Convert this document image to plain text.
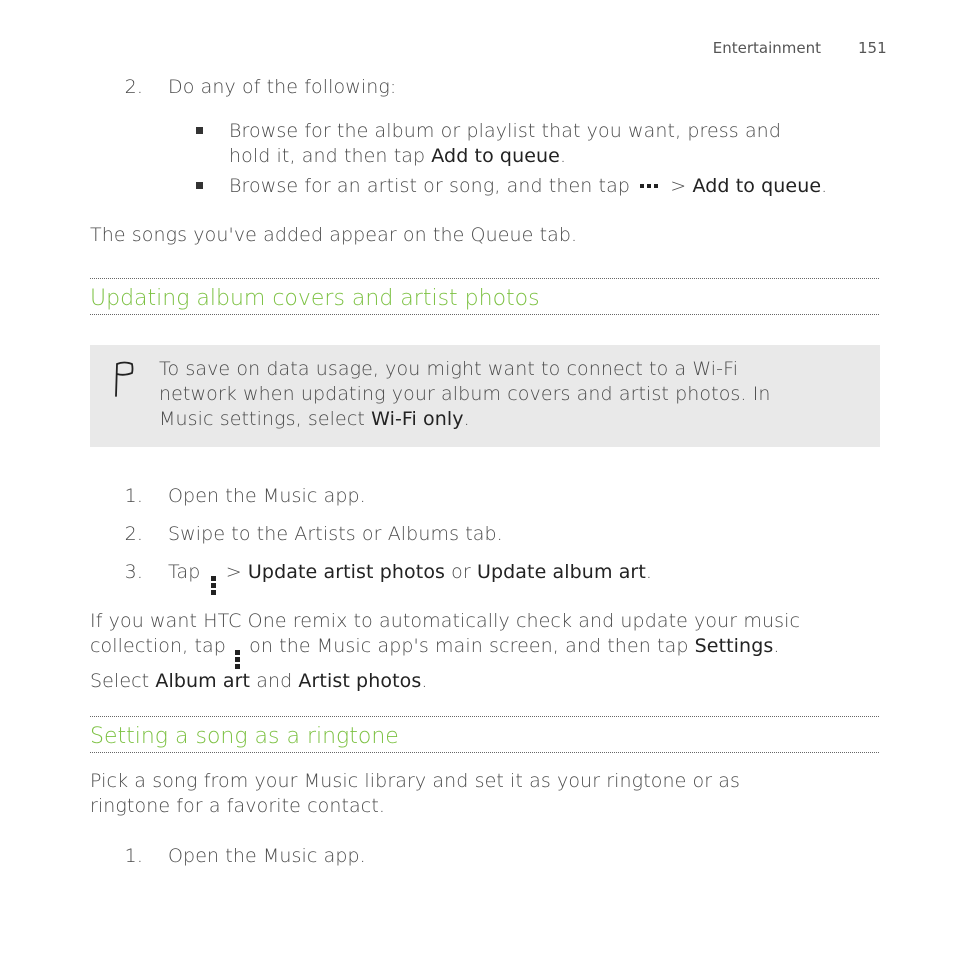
Entertainment 151
2. Do any of the following:
Browse for the album or playlist that you want, press and
hold it, and then tap Add to queue.
Browse for an artist or song, and then tap
> Add to queue.
The songs you've added appear on the Queue tab.
Updating album covers and artist photos
To save on data usage, you might want to connect to a Wi-Fi
network when updating your album covers and artist photos. In
Music settings, select Wi-Fi only.
1. Open the Music app.
2. Swipe to the Artists or Albums tab.
3. Tap
> Update artist photos or Update album art.
If you want HTC One remix to automatically check and update your music
collection, tap
on the Music app's main screen, and then tap Settings.
Select Album art and Artist photos.
Setting a song as a ringtone
Pick a song from your Music library and set it as your ringtone or as
ringtone for a favorite contact.
1. Open the Music app.
